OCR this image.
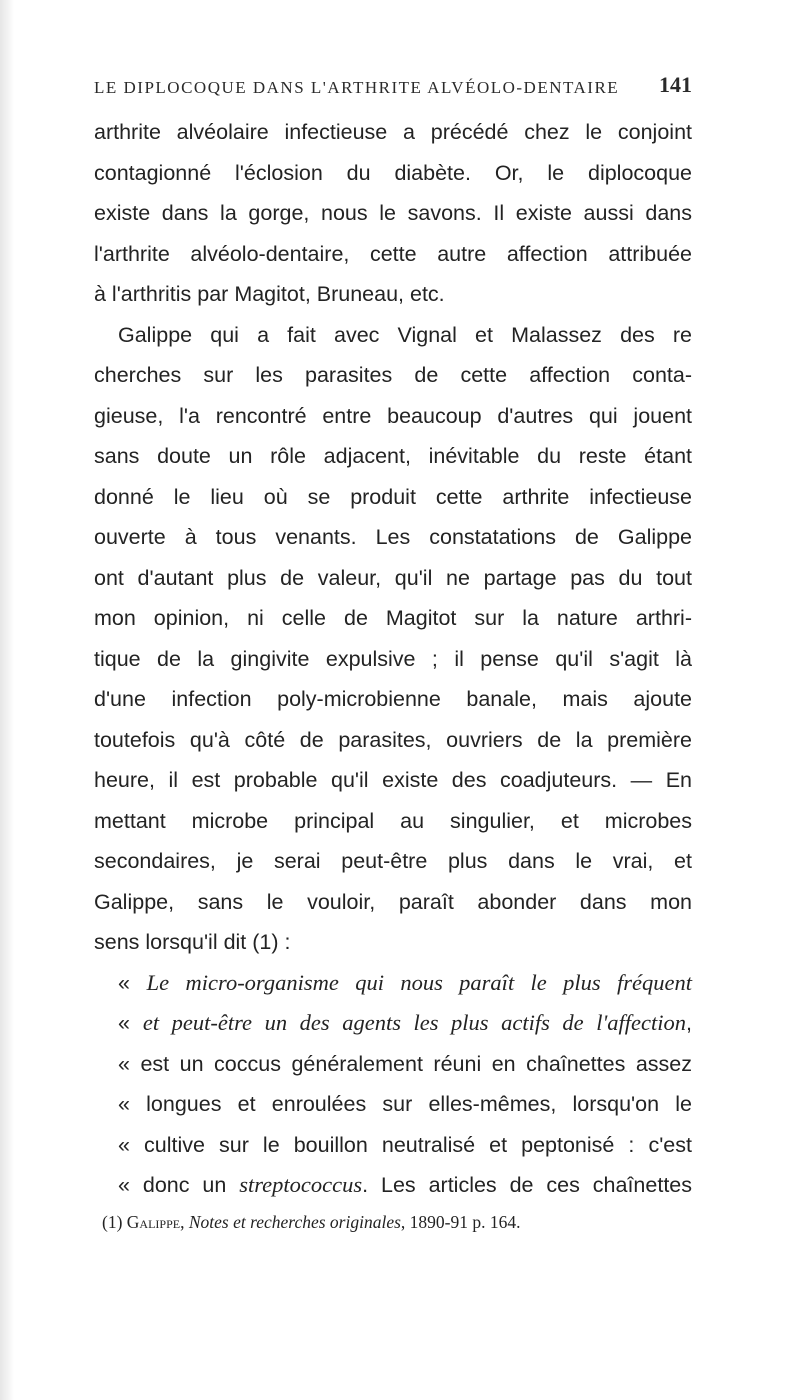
LE DIPLOCOQUE DANS L'ARTHRITE ALVÉOLO-DENTAIRE 141
arthrite alvéolaire infectieuse a précédé chez le conjoint
contagionné l'éclosion du diabète. Or, le diplocoque
existe dans la gorge, nous le savons. Il existe aussi dans
l'arthrite alvéolo-dentaire, cette autre affection attribuée
à l'arthritis par Magitot, Bruneau, etc.
Galippe qui a fait avec Vignal et Malassez des re
cherches sur les parasites de cette affection conta-
gieuse, l'a rencontré entre beaucoup d'autres qui jouent
sans doute un rôle adjacent, inévitable du reste étant
donné le lieu où se produit cette arthrite infectieuse
ouverte à tous venants. Les constatations de Galippe
ont d'autant plus de valeur, qu'il ne partage pas du tout
mon opinion, ni celle de Magitot sur la nature arthri-
tique de la gingivite expulsive ; il pense qu'il s'agit là
d'une infection poly-microbienne banale, mais ajoute
toutefois qu'à côté de parasites, ouvriers de la première
heure, il est probable qu'il existe des coadjuteurs. — En
mettant microbe principal au singulier, et microbes
secondaires, je serai peut-être plus dans le vrai, et
Galippe, sans le vouloir, paraît abonder dans mon
sens lorsqu'il dit (1) :
« Le micro-organisme qui nous paraît le plus fréquent
« et peut-être un des agents les plus actifs de l'affection,
« est un coccus généralement réuni en chaînettes assez
« longues et enroulées sur elles-mêmes, lorsqu'on le
« cultive sur le bouillon neutralisé et peptonisé : c'est
« donc un streptococcus. Les articles de ces chaînettes
(1) Galippe, Notes et recherches originales, 1890-91 p. 164.
